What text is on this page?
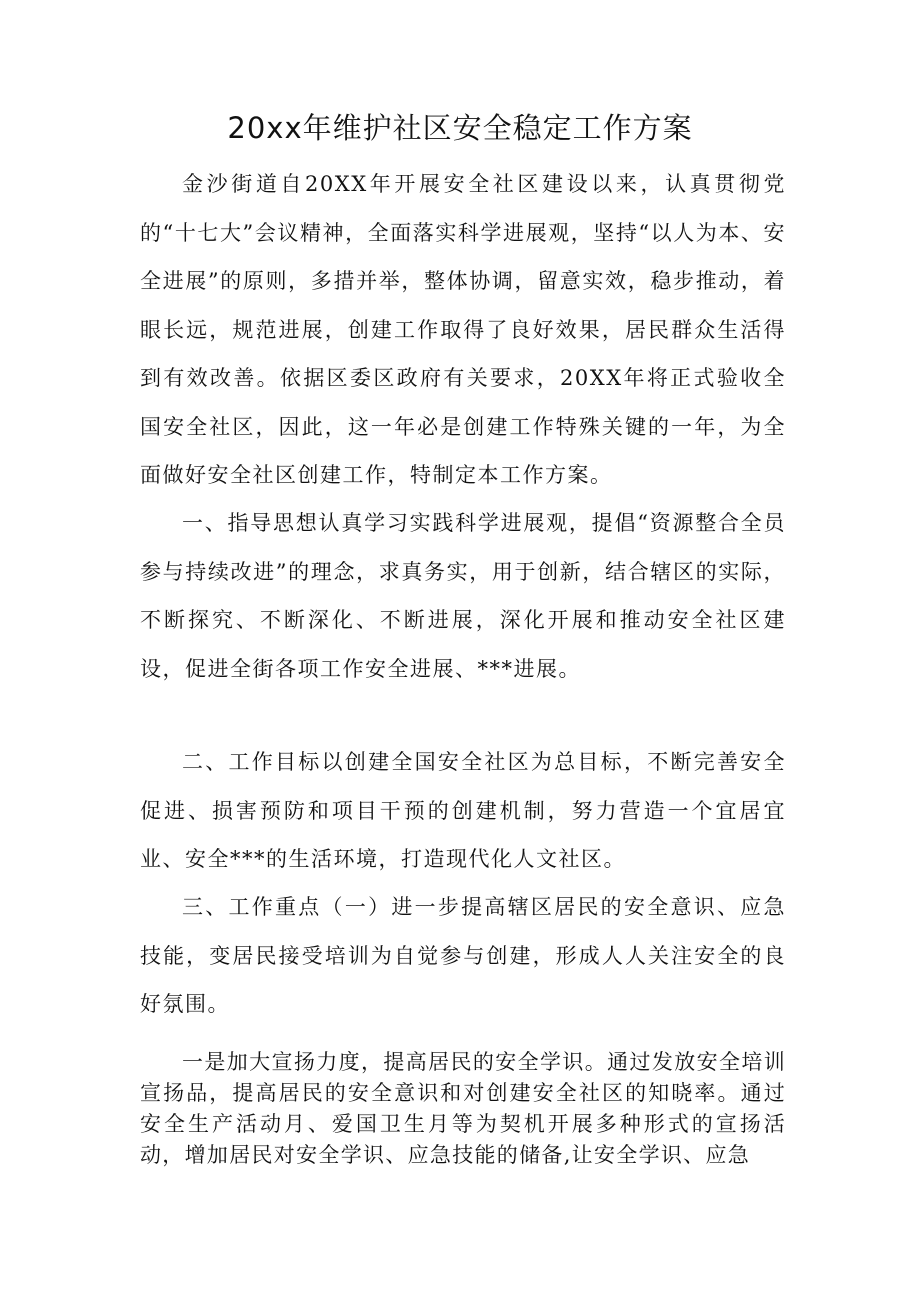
20xx年维护社区安全稳定工作方案

金沙街道自20XX年开展安全社区建设以来，认真贯彻党的“十七大”会议精神，全面落实科学进展观，坚持“以人为本、安全进展”的原则，多措并举，整体协调，留意实效，稳步推动，着眼长远，规范进展，创建工作取得了良好效果，居民群众生活得到有效改善。依据区委区政府有关要求，20XX年将正式验收全国安全社区，因此，这一年必是创建工作特殊关键的一年，为全面做好安全社区创建工作，特制定本工作方案。

一、指导思想认真学习实践科学进展观，提倡“资源整合全员参与持续改进”的理念，求真务实，用于创新，结合辖区的实际，不断探究、不断深化、不断进展，深化开展和推动安全社区建设，促进全街各项工作安全进展、***进展。

二、工作目标以创建全国安全社区为总目标，不断完善安全促进、损害预防和项目干预的创建机制，努力营造一个宜居宜业、安全***的生活环境，打造现代化人文社区。

三、工作重点（一）进一步提高辖区居民的安全意识、应急技能，变居民接受培训为自觉参与创建，形成人人关注安全的良好氛围。

一是加大宣扬力度，提高居民的安全学识。通过发放安全培训宣扬品，提高居民的安全意识和对创建安全社区的知晓率。通过安全生产活动月、爱国卫生月等为契机开展多种形式的宣扬活动，增加居民对安全学识、应急技能的储备,让安全学识、应急
